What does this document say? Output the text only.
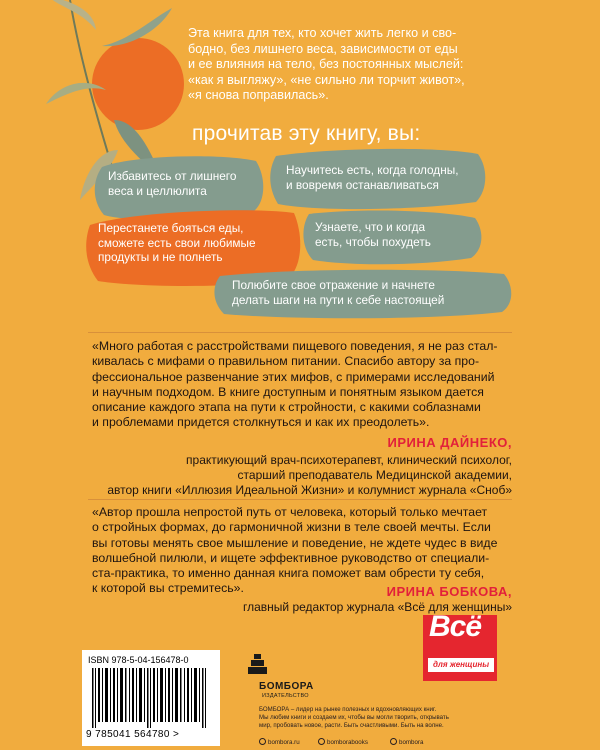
Эта книга для тех, кто хочет жить легко и сво-
бодно, без лишнего веса, зависимости от еды
и ее влияния на тело, без постоянных мыслей:
«как я выгляжу», «не сильно ли торчит живот»,
«я снова поправилась».
прочитав эту книгу, вы:
Избавитесь от лишнего
веса и целлюлита
Научитесь есть, когда голодны,
и вовремя останавливаться
Перестанете бояться еды,
сможете есть свои любимые
продукты и не полнеть
Узнаете, что и когда
есть, чтобы похудеть
Полюбите свое отражение и начнете
делать шаги на пути к себе настоящей
«Много работая с расстройствами пищевого поведения, я не раз стал-
кивалась с мифами о правильном питании. Спасибо автору за про-
фессиональное развенчание этих мифов, с примерами исследований
и научным подходом. В книге доступным и понятным языком дается
описание каждого этапа на пути к стройности, с какими соблазнами
и проблемами придется столкнуться и как их преодолеть».
ИРИНА ДАЙНЕКО,
практикующий врач-психотерапевт, клинический психолог,
старший преподаватель Медицинской академии,
автор книги «Иллюзия Идеальной Жизни» и колумнист журнала «Сноб»
«Автор прошла непростой путь от человека, который только мечтает
о стройных формах, до гармоничной жизни в теле своей мечты. Если
вы готовы менять свое мышление и поведение, не ждете чудес в виде
волшебной пилюли, и ищете эффективное руководство от специали-
ста-практика, то именно данная книга поможет вам обрести ту себя,
к которой вы стремитесь».	ИРИНА БОБКОВА,
главный редактор журнала «Всё для женщины»
Всё
для женщины
ISBN 978-5-04-156478-0
9 785041 564780 >
БОМБОРА
ИЗДАТЕЛЬСТВО
БОМБОРА – лидер на рынке полезных и вдохновляющих книг.
Мы любим книги и создаем их, чтобы вы могли творить, открывать
мир, пробовать новое, расти. Быть счастливыми. Быть на волне.
bombora.ru	bomborabooks	bombora
